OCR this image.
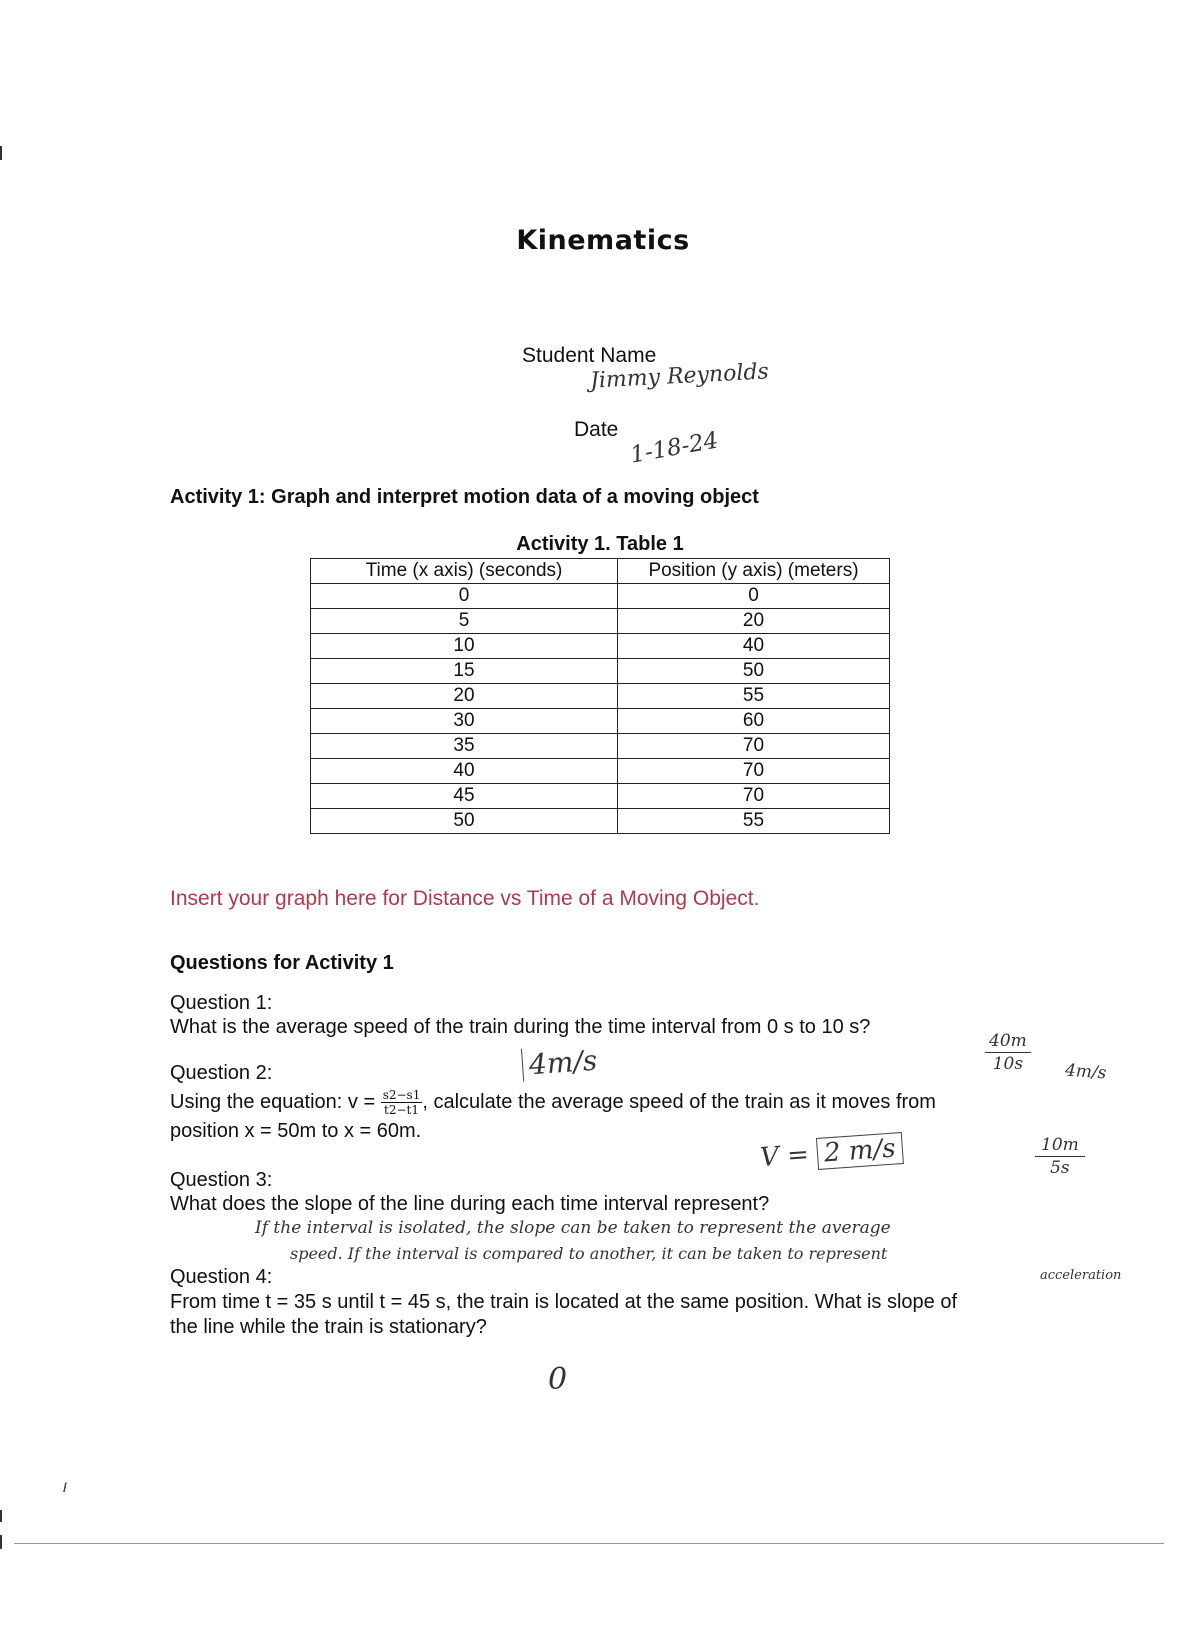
Kinematics
Student Name
Jimmy Reynolds
Date 1-18-24
Activity 1: Graph and interpret motion data of a moving object
Activity 1. Table 1
Time (x axis) (seconds)	Position (y axis) (meters)
0	0
5	20
10	40
15	50
20	55
30	60
35	70
40	70
45	70
50	55
Insert your graph here for Distance vs Time of a Moving Object.
Questions for Activity 1
Question 1:
What is the average speed of the train during the time interval from 0 s to 10 s?
4m/s	$\frac{40m}{10s} 4m/s$
Question 2:
Using the equation: $v = \frac{s2-s1}{t2-t1}$ , calculate the average speed of the train as it moves from
position x = 50m to x = 60m.
V = 2 m/s	$\frac{10m}{5s}$
Question 3:
What does the slope of the line during each time interval represent?
If the interval is isolated, the slope can be taken to represent the average
speed. If the interval is compared to another, it can be taken to represent
acceleration
Question 4:
From time t = 35 s until t = 45 s, the train is located at the same position. What is slope of
the line while the train is stationary?
0
𝚤
